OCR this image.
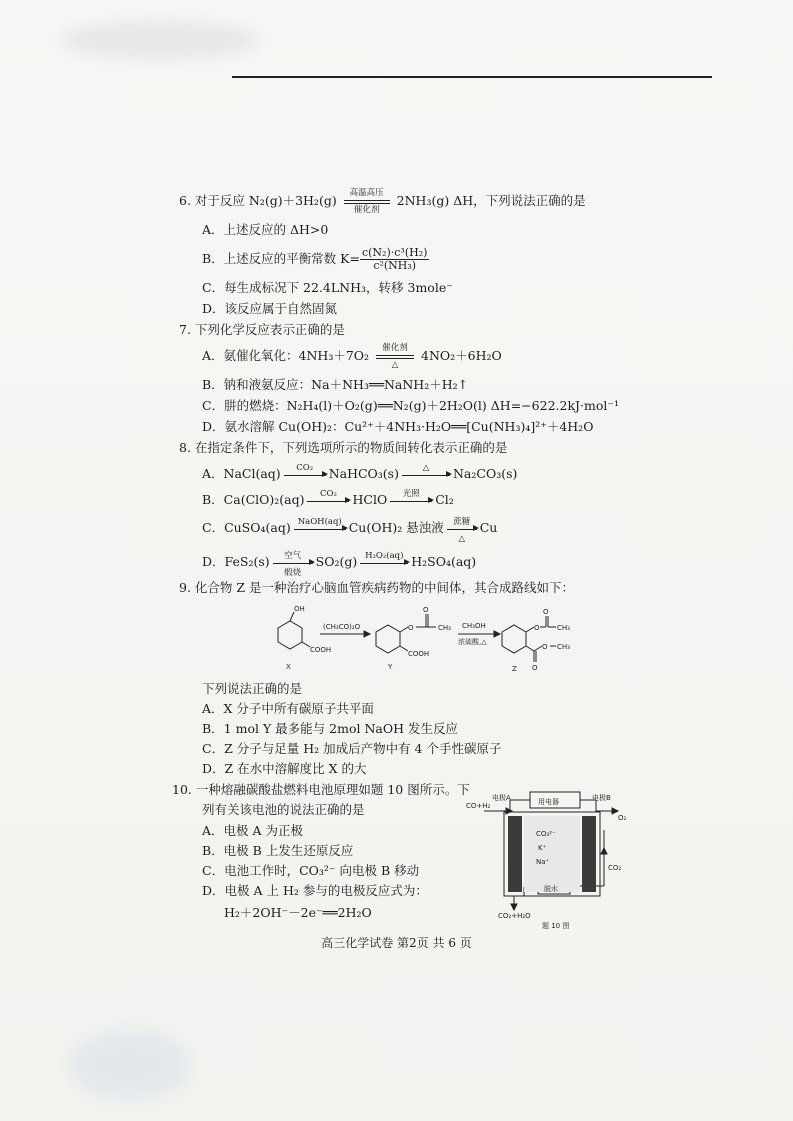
6. 对于反应 N₂(g)＋3H₂(g)	高温高压
催化剂
2NH₃(g) ΔH，下列说法正确的是
A．上述反应的 ΔH>0
B．上述反应的平衡常数 $K= \frac{\text{c(N₂)·c³(H₂)}}{\text{c²(NH₃)}}$
C．每生成标况下 22.4LNH₃，转移 3mole⁻
D．该反应属于自然固氮
7. 下列化学反应表示正确的是
A．氨催化氧化：4NH₃＋7O₂	催化剂
△
4NO₂＋6H₂O
B．钠和液氨反应：Na＋NH₃══NaNH₂＋H₂↑
C．肼的燃烧：N₂H₄(l)＋O₂(g)══N₂(g)＋2H₂O(l) ΔH=−622.2kJ·mol⁻¹
D．氨水溶解 Cu(OH)₂：Cu²⁺＋4NH₃·H₂O══[Cu(NH₃)₄]²⁺＋4H₂O
8. 在指定条件下，下列选项所示的物质间转化表示正确的是
A．NaCl(aq)	CO₂	NaHCO₃(s)	△	Na₂CO₃(s)
B．Ca(ClO)₂(aq)	CO₂	HClO	光照	Cl₂
C．CuSO₄(aq) NaOH(aq) Cu(OH)₂ 悬浊液	蔗糖
△
Cu
D．FeS₂(s)	空气
煅烧
SO₂(g) H₂O₂(aq) H₂SO₄(aq)
9. 化合物 Z 是一种治疗心脑血管疾病药物的中间体，其合成路线如下：
OH
COOH
(CH₃CO)₂O	O
O
CH₃
COOH
CH₃OH
浓硫酸,△
O
O
CH₃
O CH₃
O
X	Y	Z
下列说法正确的是
A．X 分子中所有碳原子共平面
B．1 mol Y 最多能与 2mol NaOH 发生反应
C．Z 分子与足量 H₂ 加成后产物中有 4 个手性碳原子
D．Z 在水中溶解度比 X 的大
10. 一种熔融碳酸盐燃料电池原理如题 10 图所示。下
列有关该电池的说法正确的是
A．电极 A 为正极
B．电极 B 上发生还原反应
C．电池工作时，CO₃²⁻ 向电极 B 移动
D．电极 A 上 H₂ 参与的电极反应式为：
H₂＋2OH⁻－2e⁻══2H₂O
电极A	电极B
用电器
CO+H₂
O₂
CO₃²⁻
K⁺
Na⁺
CO₂
脱水
CO₂+H₂O
题 10 图
高三化学试卷 第2页 共 6 页
